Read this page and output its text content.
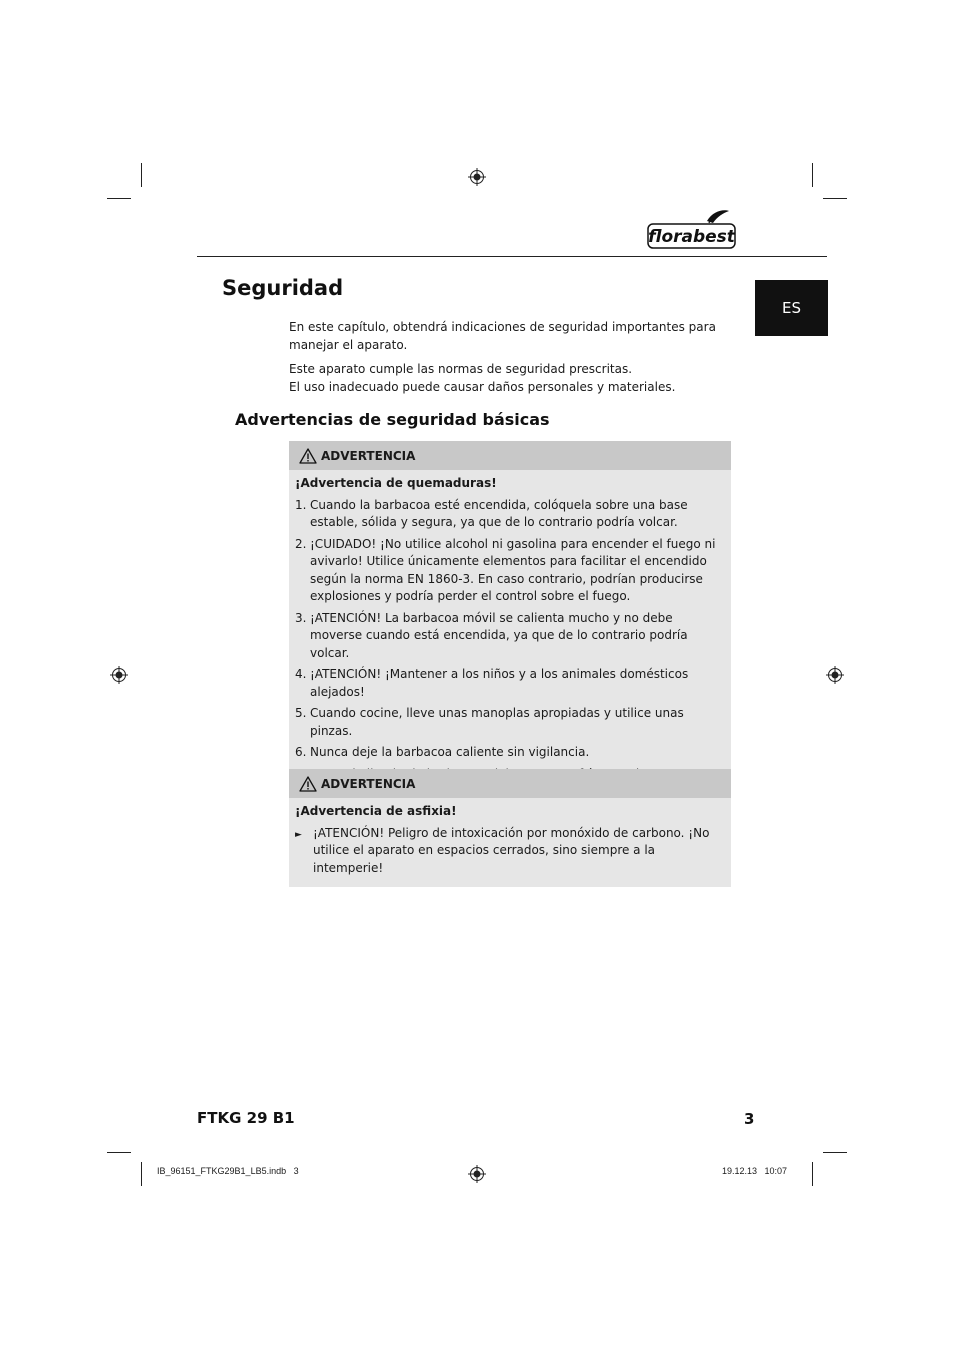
florabest
ES
Seguridad

En este capítulo, obtendrá indicaciones de seguridad importantes para manejar el aparato.

Este aparato cumple las normas de seguridad prescritas.
El uso inadecuado puede causar daños personales y materiales.

Advertencias de seguridad básicas
ADVERTENCIA
¡Advertencia de quemaduras!
1. Cuando la barbacoa esté encendida, colóquela sobre una base estable, sólida y segura, ya que de lo contrario podría volcar.
2. ¡CUIDADO! ¡No utilice alcohol ni gasolina para encender el fuego ni avivarlo! Utilice únicamente elementos para facilitar el encendido según la norma EN 1860-3. En caso contrario, podrían producirse explosiones y podría perder el control sobre el fuego.
3. ¡ATENCIÓN! La barbacoa móvil se calienta mucho y no debe moverse cuando está encendida, ya que de lo contrario podría volcar.
4. ¡ATENCIÓN! ¡Mantener a los niños y a los animales domésticos alejados!
5. Cuando cocine, lleve unas manoplas apropiadas y utilice unas pinzas.
6. Nunca deje la barbacoa caliente sin vigilancia.
ADVERTENCIA
¡Advertencia de asfixia!
► ¡ATENCIÓN! Peligro de intoxicación por monóxido de carbono. ¡No utilice el aparato en espacios cerrados, sino siempre a la intemperie!
FTKG 29 B1	3
IB_96151_FTKG29B1_LB5.indb   3	19.12.13   10:07
